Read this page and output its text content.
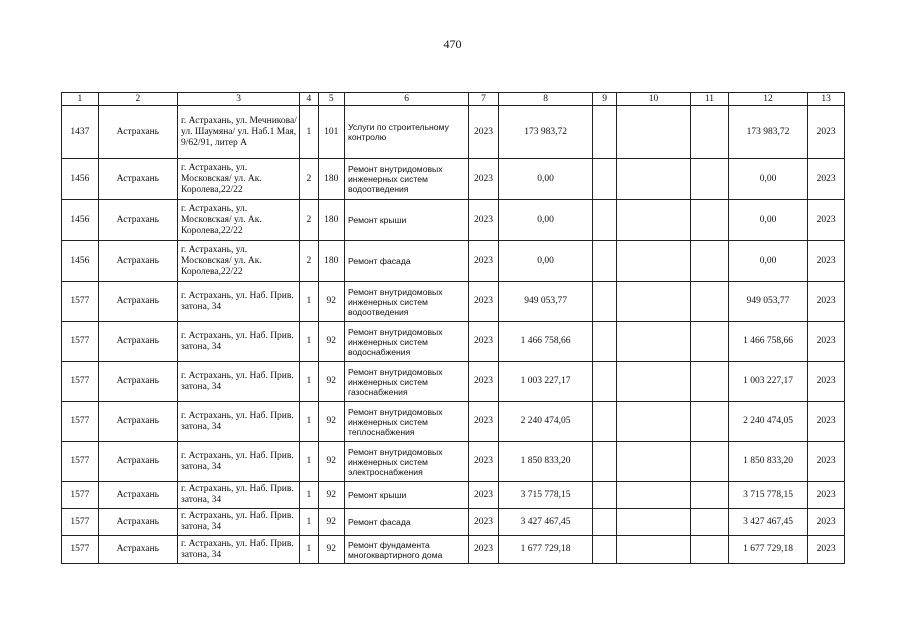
470
1	2	3	4	5	6	7	8	9	10	11	12	13
1437	Астрахань	г. Астрахань, ул. Мечникова/ ул. Шаумяна/ ул. Наб.1 Мая, 9/62/91, литер А	1	101	Услуги по строительному контролю	2023	173 983,72				173 983,72	2023
1456	Астрахань	г. Астрахань, ул. Московская/ ул. Ак. Королева,22/22	2	180	Ремонт внутридомовых инженерных систем водоотведения	2023	0,00				0,00	2023
1456	Астрахань	г. Астрахань, ул. Московская/ ул. Ак. Королева,22/22	2	180	Ремонт крыши	2023	0,00				0,00	2023
1456	Астрахань	г. Астрахань, ул. Московская/ ул. Ак. Королева,22/22	2	180	Ремонт фасада	2023	0,00				0,00	2023
1577	Астрахань	г. Астрахань, ул. Наб. Прив. затона, 34	1	92	Ремонт внутридомовых инженерных систем водоотведения	2023	949 053,77				949 053,77	2023
1577	Астрахань	г. Астрахань, ул. Наб. Прив. затона, 34	1	92	Ремонт внутридомовых инженерных систем водоснабжения	2023	1 466 758,66				1 466 758,66	2023
1577	Астрахань	г. Астрахань, ул. Наб. Прив. затона, 34	1	92	Ремонт внутридомовых инженерных систем газоснабжения	2023	1 003 227,17				1 003 227,17	2023
1577	Астрахань	г. Астрахань, ул. Наб. Прив. затона, 34	1	92	Ремонт внутридомовых инженерных систем теплоснабжения	2023	2 240 474,05				2 240 474,05	2023
1577	Астрахань	г. Астрахань, ул. Наб. Прив. затона, 34	1	92	Ремонт внутридомовых инженерных систем электроснабжения	2023	1 850 833,20				1 850 833,20	2023
1577	Астрахань	г. Астрахань, ул. Наб. Прив. затона, 34	1	92	Ремонт крыши	2023	3 715 778,15				3 715 778,15	2023
1577	Астрахань	г. Астрахань, ул. Наб. Прив. затона, 34	1	92	Ремонт фасада	2023	3 427 467,45				3 427 467,45	2023
1577	Астрахань	г. Астрахань, ул. Наб. Прив. затона, 34	1	92	Ремонт фундамента многоквартирного дома	2023	1 677 729,18				1 677 729,18	2023
